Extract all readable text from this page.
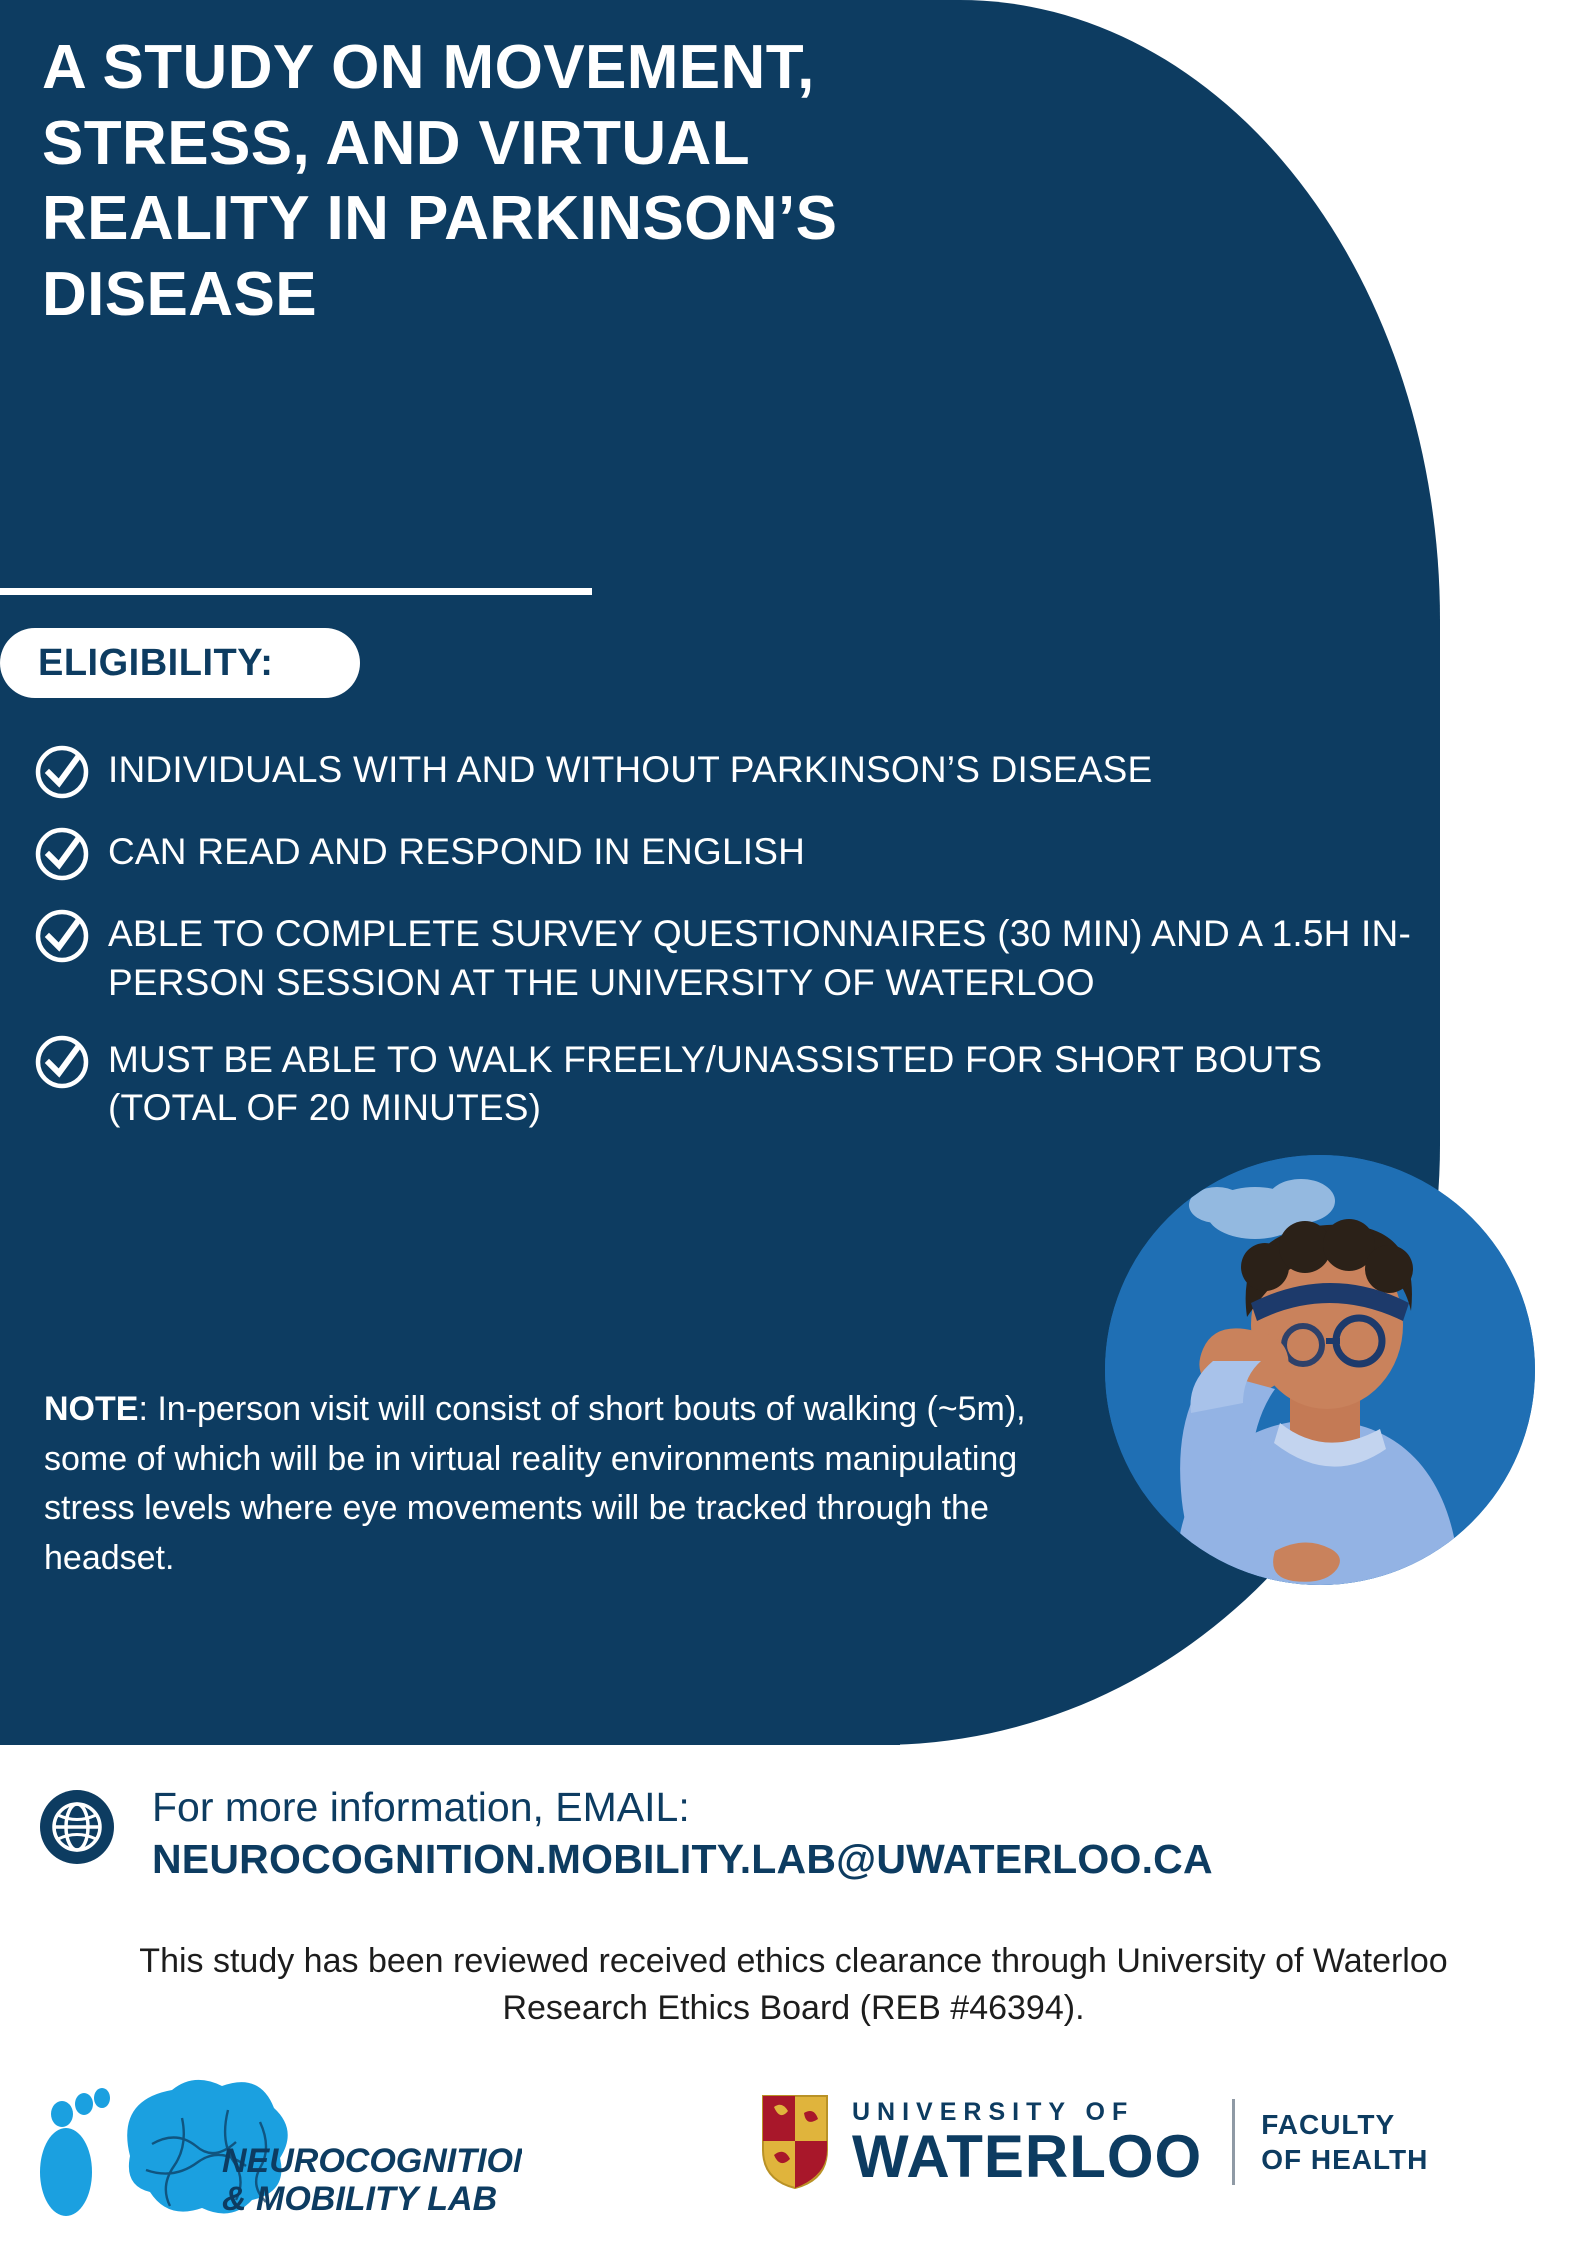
A STUDY ON MOVEMENT, STRESS, AND VIRTUAL REALITY IN PARKINSON’S DISEASE
ELIGIBILITY:
INDIVIDUALS WITH AND WITHOUT PARKINSON’S DISEASE
CAN READ AND RESPOND IN ENGLISH
ABLE TO COMPLETE SURVEY QUESTIONNAIRES (30 MIN) AND A 1.5H IN-PERSON SESSION AT THE UNIVERSITY OF WATERLOO
MUST BE ABLE TO WALK FREELY/UNASSISTED FOR SHORT BOUTS (TOTAL OF 20 MINUTES)
NOTE: In-person visit will consist of short bouts of walking (~5m), some of which will be in virtual reality environments manipulating stress levels where eye movements will be tracked through the headset.
For more information, EMAIL:
NEUROCOGNITION.MOBILITY.LAB@UWATERLOO.CA
This study has been reviewed received ethics clearance through University of Waterloo Research Ethics Board (REB #46394).
NEUROCOGNITION
& MOBILITY LAB
UNIVERSITY OF
WATERLOO FACULTY
OF HEALTH
